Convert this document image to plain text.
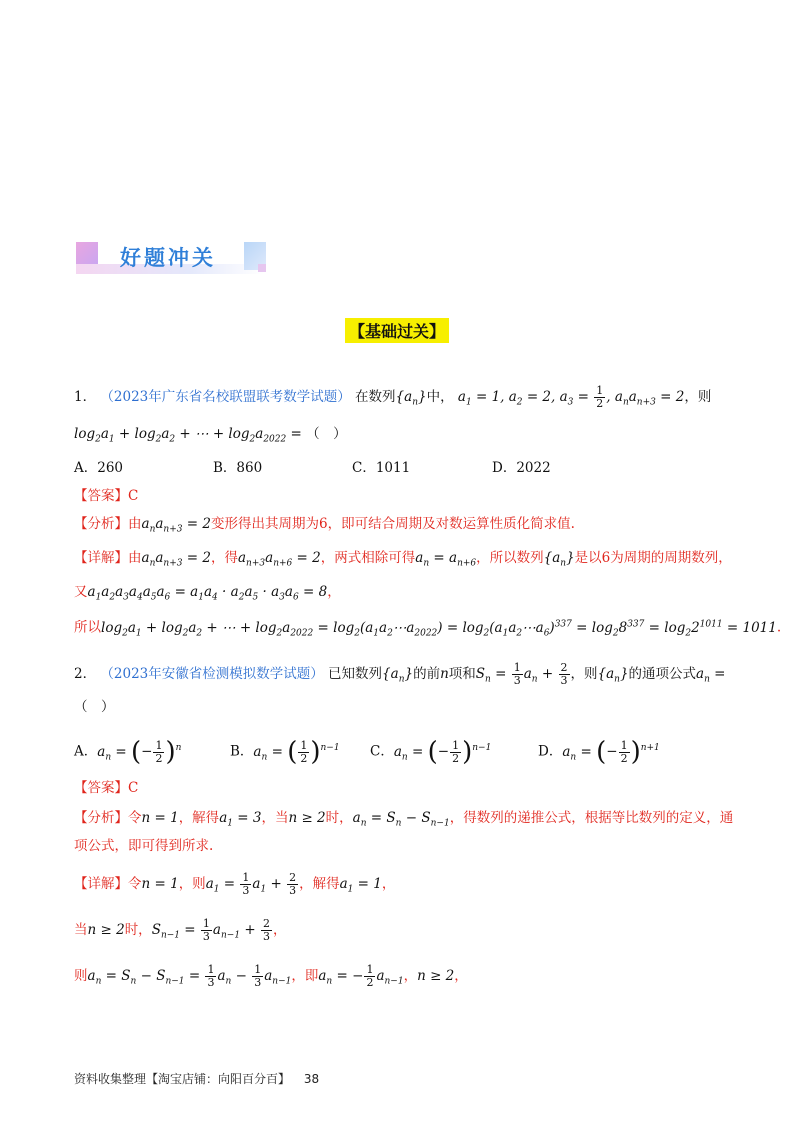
好题冲关
【基础过关】
1． （2023年广东省名校联盟联考数学试题） 在数列$\{a_n\}$中， $a_1 = 1$, $a_2 = 2$, $a_3 = \frac{1}{2}$ , $a_na_{n+3} = 2$，则
$\log_2a_1 + \log_2a_2$ + ⋯ + $\log_2a_{2022}$ = （　）
A．260	B．860	C．1011	D．2022
【答案】C
【分析】由$a_na_{n+3} = 2$变形得出其周期为6，即可结合周期及对数运算性质化简求值.
【详解】由$a_na_{n+3} = 2$，得$a_{n+3}a_{n+6} = 2$，两式相除可得$a_n = a_{n+6}$，所以数列$\{a_n\}$是以6为周期的周期数列，
又$a_1a_2a_3a_4a_5a_6 = a_1a_4 \cdot a_2a_5 \cdot a_3a_6 = 8$，
所以$\log_2a_1 + \log_2a_2$ + ⋯ + $\log_2a_{2022}$ = $\log_2(a_1a_2\cdots a_{2022})$ = $\log_2(a_1a_2\cdots a_6)^{337} = \log_28^{337} = \log_22^{1011} = 1011$.
2． （2023年安徽省检测模拟数学试题） 已知数列$\{a_n\}$的前n项和$S_n = \frac{1}{3} a_n + \frac{2}{3}$ ，则$\{a_n\}$的通项公式$a_n$ =
（　）
A．$a_n$ = (− $\frac{1}{2} )^n$	B．$a_n$ = ( $\frac{1}{2} )^{n-1}$ C．$a_n$ = (− $\frac{1}{2} )^{n-1}$	D．$a_n$ = (− $\frac{1}{2} )^{n+1}$
【答案】C
【分析】令n = 1，解得$a_1 = 3$，当n ≥ 2时，$a_n = S_n - S_{n-1}$，得数列的递推公式，根据等比数列的定义，通
项公式，即可得到所求.
【详解】令n = 1，则$a_1 = \frac{1}{3} a_1 + \frac{2}{3}$ ，解得$a_1 = 1$，
当n ≥ 2时，$S_{n-1} = \frac{1}{3} a_{n-1} + \frac{2}{3}$ ，
则$a_n = S_n - S_{n-1} = \frac{1}{3} a_n - \frac{1}{3} a_{n-1}$，即$a_n$ = − $\frac{1}{2} a_{n-1}$，n ≥ 2，
资料收集整理【淘宝店铺：向阳百分百】 38
